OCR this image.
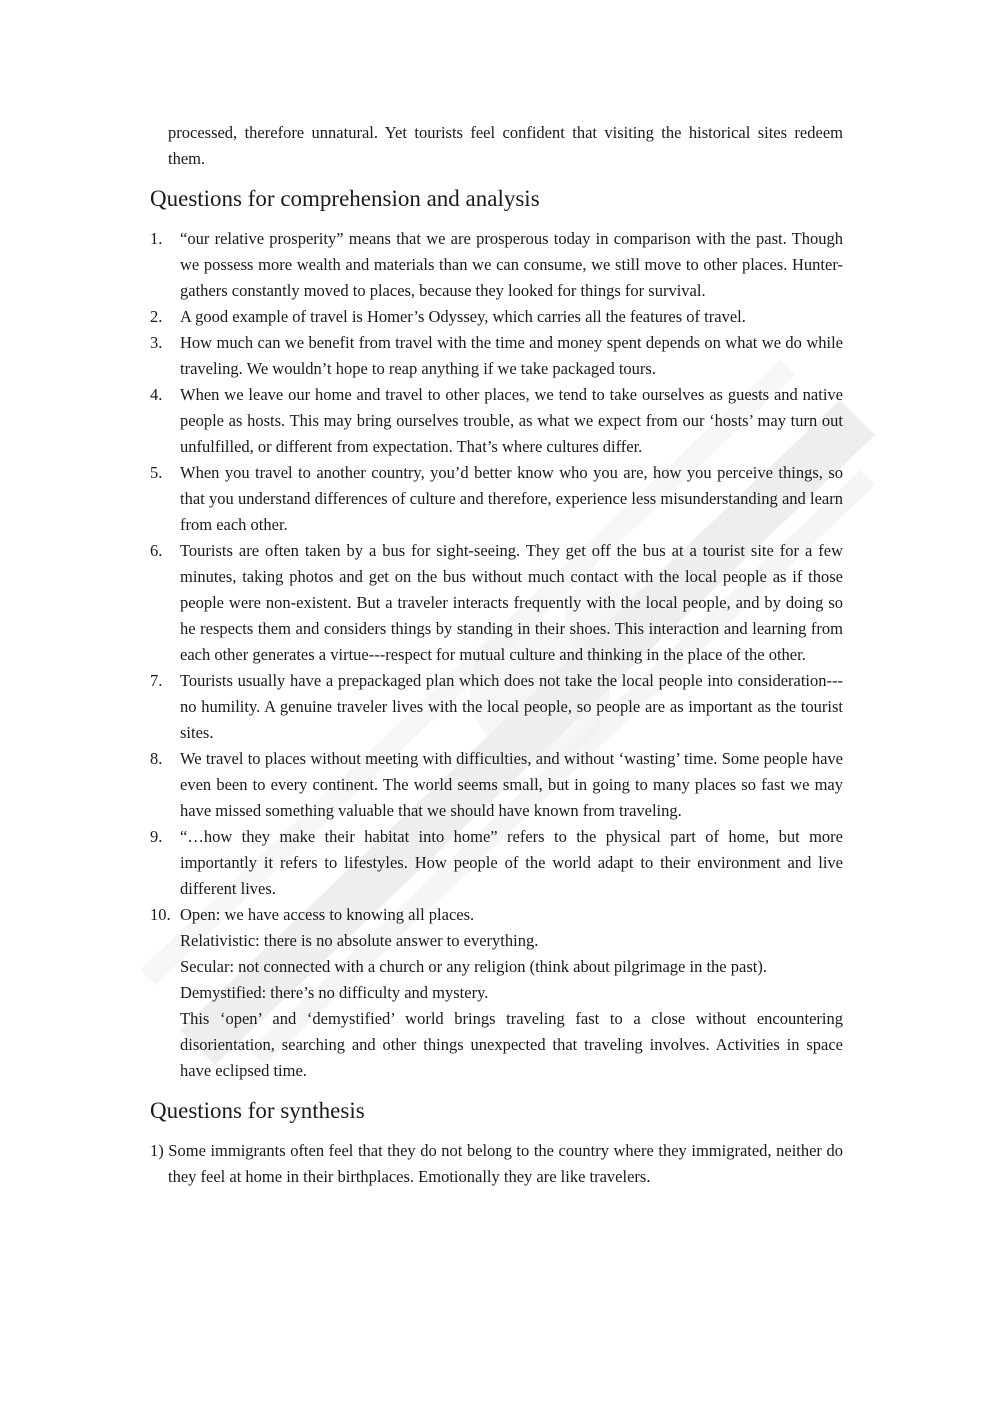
processed, therefore unnatural. Yet tourists feel confident that visiting the historical sites redeem them.

Questions for comprehension and analysis
1. “our relative prosperity” means that we are prosperous today in comparison with the past. Though we possess more wealth and materials than we can consume, we still move to other places. Hunter-gathers constantly moved to places, because they looked for things for survival.
2. A good example of travel is Homer’s Odyssey, which carries all the features of travel.
3. How much can we benefit from travel with the time and money spent depends on what we do while traveling. We wouldn’t hope to reap anything if we take packaged tours.
4. When we leave our home and travel to other places, we tend to take ourselves as guests and native people as hosts. This may bring ourselves trouble, as what we expect from our ‘hosts’ may turn out unfulfilled, or different from expectation. That’s where cultures differ.
5. When you travel to another country, you’d better know who you are, how you perceive things, so that you understand differences of culture and therefore, experience less misunderstanding and learn from each other.
6. Tourists are often taken by a bus for sight-seeing. They get off the bus at a tourist site for a few minutes, taking photos and get on the bus without much contact with the local people as if those people were non-existent. But a traveler interacts frequently with the local people, and by doing so he respects them and considers things by standing in their shoes. This interaction and learning from each other generates a virtue---respect for mutual culture and thinking in the place of the other.
7. Tourists usually have a prepackaged plan which does not take the local people into consideration---no humility. A genuine traveler lives with the local people, so people are as important as the tourist sites.
8. We travel to places without meeting with difficulties, and without ‘wasting’ time. Some people have even been to every continent. The world seems small, but in going to many places so fast we may have missed something valuable that we should have known from traveling.
9. “…how they make their habitat into home” refers to the physical part of home, but more importantly it refers to lifestyles. How people of the world adapt to their environment and live different lives.
10. Open: we have access to knowing all places.
Relativistic: there is no absolute answer to everything.
Secular: not connected with a church or any religion (think about pilgrimage in the past).
Demystified: there’s no difficulty and mystery.
This ‘open’ and ‘demystified’ world brings traveling fast to a close without encountering disorientation, searching and other things unexpected that traveling involves. Activities in space have eclipsed time.
Questions for synthesis

1) Some immigrants often feel that they do not belong to the country where they immigrated, neither do they feel at home in their birthplaces. Emotionally they are like travelers.
